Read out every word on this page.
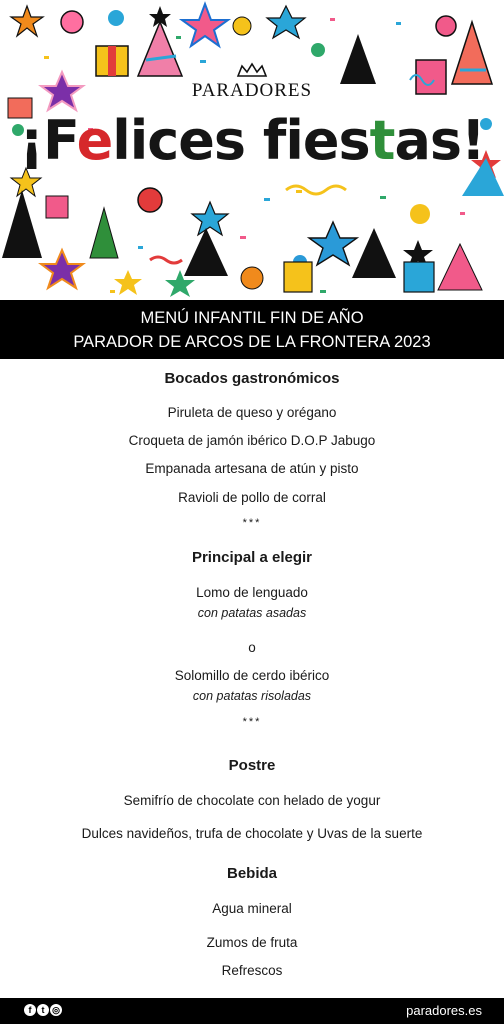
PARADORES
¡Felices fiestas!
MENÚ INFANTIL FIN DE AÑO
PARADOR DE ARCOS DE LA FRONTERA 2023
Bocados gastronómicos
Piruleta de queso y orégano
Croqueta de jamón ibérico D.O.P Jabugo
Empanada artesana de atún y pisto
Ravioli de pollo de corral
***
Principal a elegir
Lomo de lenguado
con patatas asadas
o
Solomillo de cerdo ibérico
con patatas risoladas
***
Postre
Semifrío de chocolate con helado de yogur
Dulces navideños, trufa de chocolate y Uvas de la suerte
Bebida
Agua mineral
Zumos de fruta
Refrescos
f	t ◎	paradores.es
